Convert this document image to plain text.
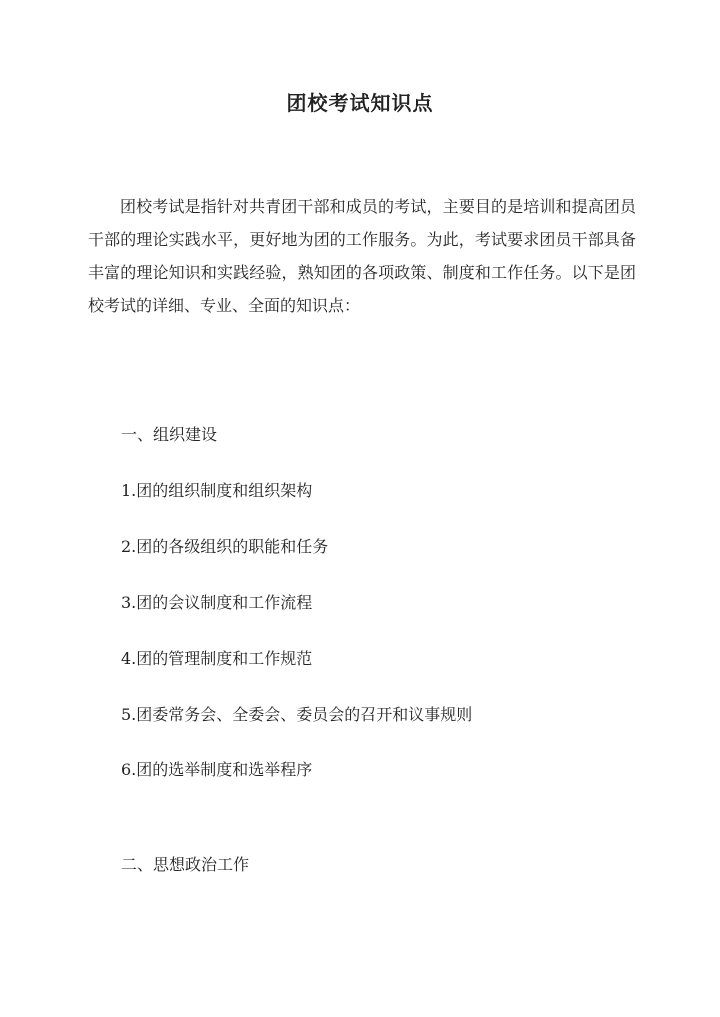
团校考试知识点

团校考试是指针对共青团干部和成员的考试，主要目的是培训和提高团员干部的理论实践水平，更好地为团的工作服务。为此，考试要求团员干部具备丰富的理论知识和实践经验，熟知团的各项政策、制度和工作任务。以下是团校考试的详细、专业、全面的知识点：

一、组织建设
1.团的组织制度和组织架构
2.团的各级组织的职能和任务
3.团的会议制度和工作流程
4.团的管理制度和工作规范
5.团委常务会、全委会、委员会的召开和议事规则
6.团的选举制度和选举程序
二、思想政治工作
